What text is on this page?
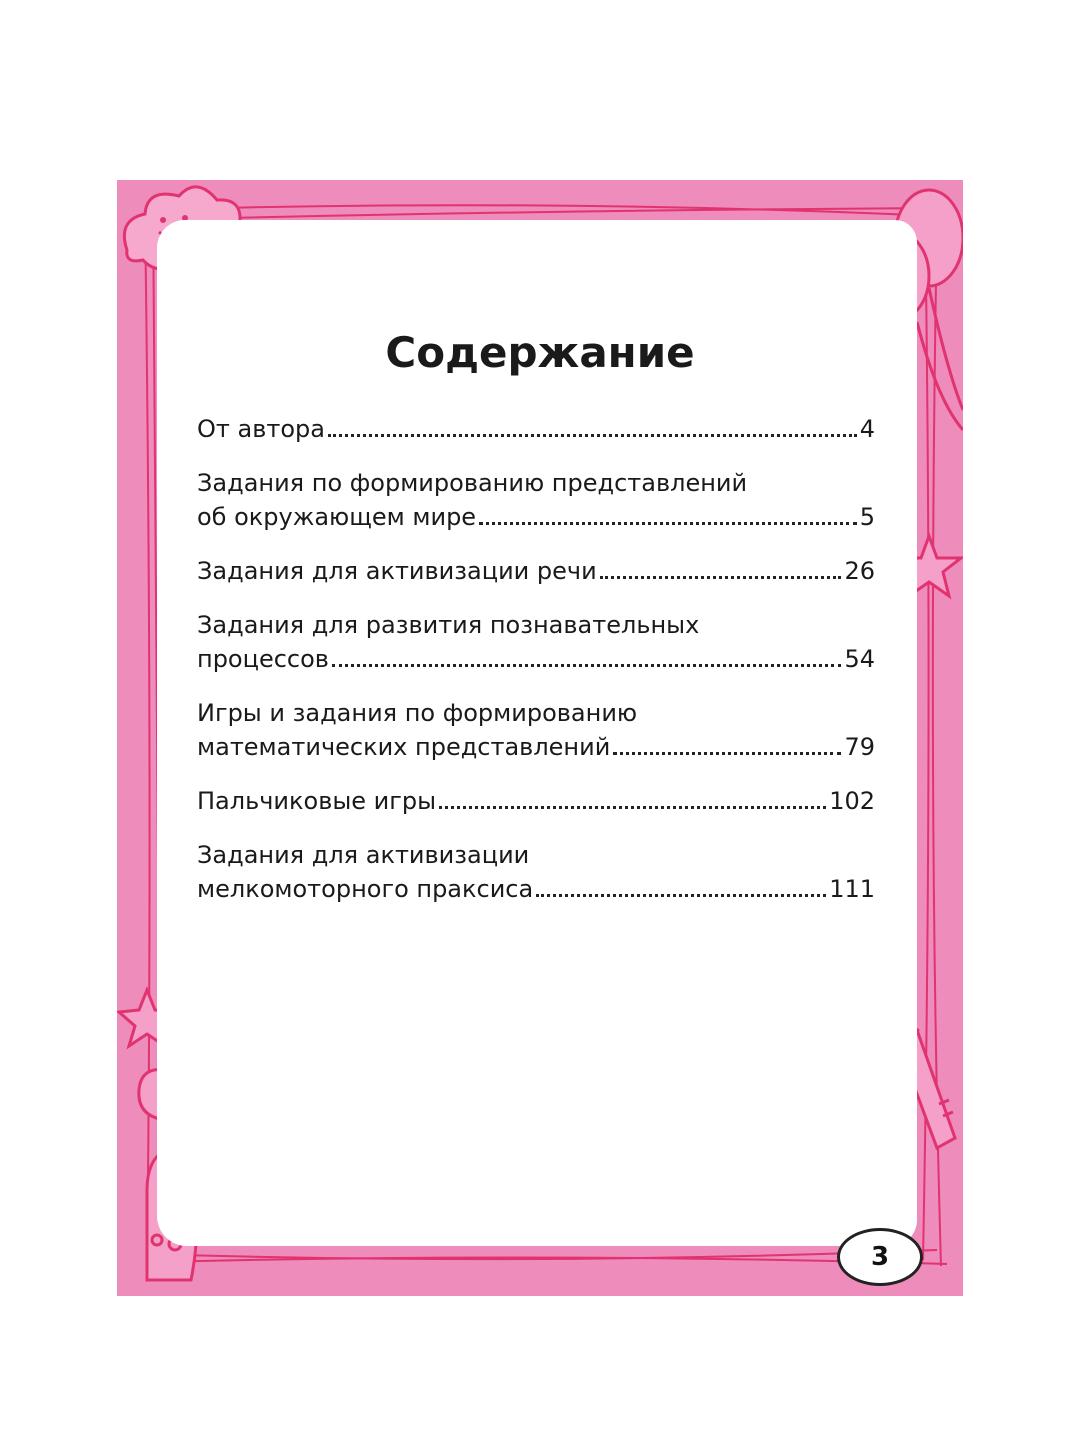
Содержание
От автора	4
Задания по формированию представлений
об окружающем мире	5
Задания для активизации речи	26
Задания для развития познавательных
процессов	54
Игры и задания по формированию
математических представлений	79
Пальчиковые игры	102
Задания для активизации
мелкомоторного праксиса	111
3
